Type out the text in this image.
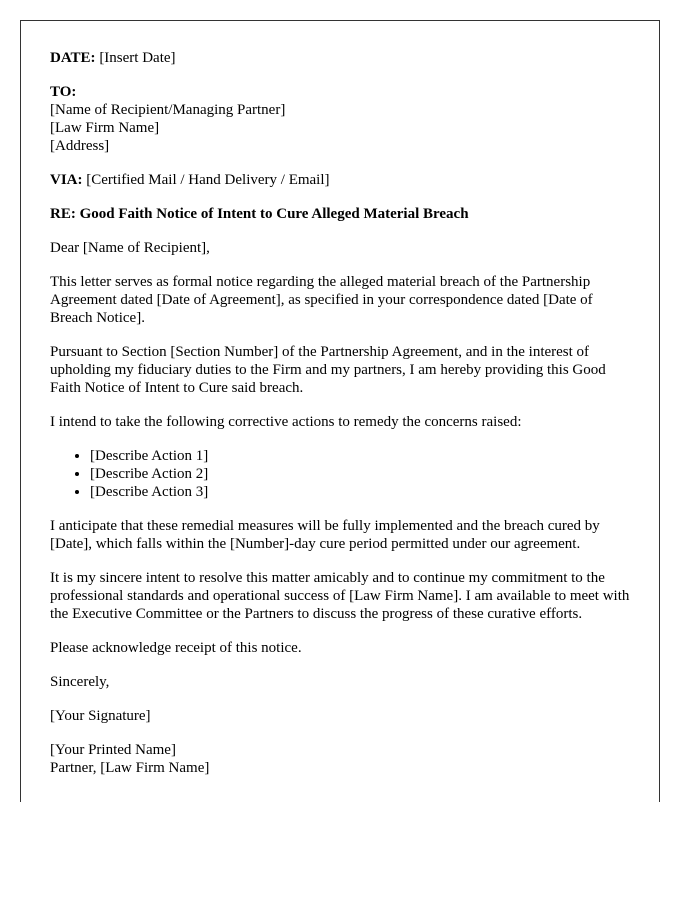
DATE: [Insert Date]

TO:
[Name of Recipient/Managing Partner]
[Law Firm Name]
[Address]

VIA: [Certified Mail / Hand Delivery / Email]

RE: Good Faith Notice of Intent to Cure Alleged Material Breach

Dear [Name of Recipient],

This letter serves as formal notice regarding the alleged material breach of the Partnership Agreement dated [Date of Agreement], as specified in your correspondence dated [Date of Breach Notice].

Pursuant to Section [Section Number] of the Partnership Agreement, and in the interest of upholding my fiduciary duties to the Firm and my partners, I am hereby providing this Good Faith Notice of Intent to Cure said breach.

I intend to take the following corrective actions to remedy the concerns raised:

• [Describe Action 1]
• [Describe Action 2]
• [Describe Action 3]

I anticipate that these remedial measures will be fully implemented and the breach cured by [Date], which falls within the [Number]-day cure period permitted under our agreement.

It is my sincere intent to resolve this matter amicably and to continue my commitment to the professional standards and operational success of [Law Firm Name]. I am available to meet with the Executive Committee or the Partners to discuss the progress of these curative efforts.

Please acknowledge receipt of this notice.

Sincerely,

[Your Signature]

[Your Printed Name]
Partner, [Law Firm Name]
